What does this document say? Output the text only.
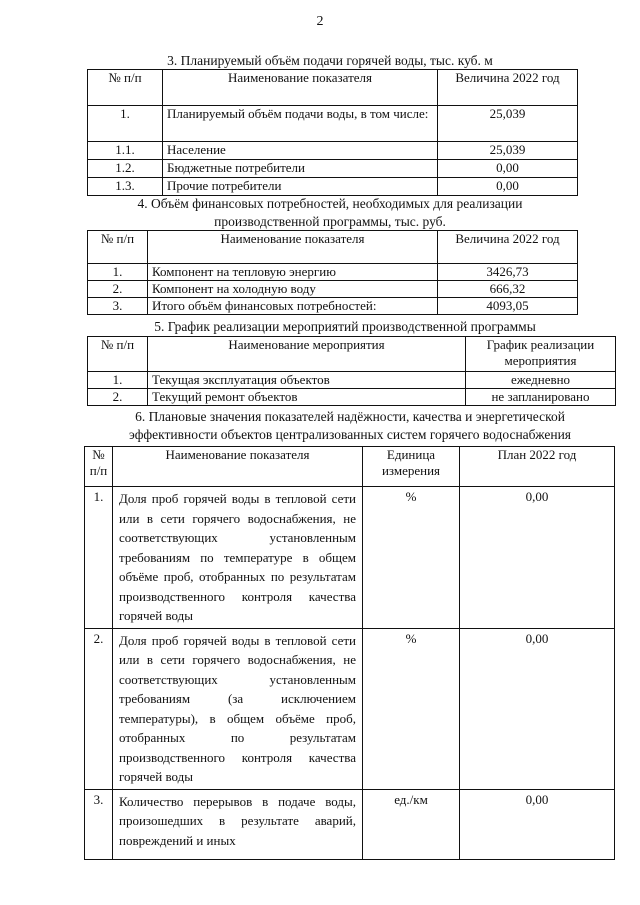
2
3. Планируемый объём подачи горячей воды, тыс. куб. м
№ п/п	Наименование показателя	Величина 2022 год
1.	Планируемый объём подачи воды, в том числе:	25,039
1.1.	Население	25,039
1.2.	Бюджетные потребители	0,00
1.3.	Прочие потребители	0,00
4. Объём финансовых потребностей, необходимых для реализации производственной программы, тыс. руб.
№ п/п	Наименование показателя	Величина 2022 год
1.	Компонент на тепловую энергию	3426,73
2.	Компонент на холодную воду	666,32
3.	Итого объём финансовых потребностей:	4093,05
5. График реализации мероприятий производственной программы
№ п/п	Наименование мероприятия	График реализации мероприятия
1.	Текущая эксплуатация объектов	ежедневно
2.	Текущий ремонт объектов	не запланировано
6. Плановые значения показателей надёжности, качества и энергетической эффективности объектов централизованных систем горячего водоснабжения
№ п/п	Наименование показателя	Единица измерения	План 2022 год
1.	Доля проб горячей воды в тепловой сети или в сети горячего водоснабжения, не соответствующих установленным требованиям по температуре в общем объёме проб, отобранных по результатам производственного контроля качества горячей воды	%	0,00
2.	Доля проб горячей воды в тепловой сети или в сети горячего водоснабжения, не соответствующих установленным требованиям (за исключением температуры), в общем объёме проб, отобранных по результатам производственного контроля качества горячей воды	%	0,00
3.	Количество перерывов в подаче воды, произошедших в результате аварий, повреждений и иных	ед./км	0,00
